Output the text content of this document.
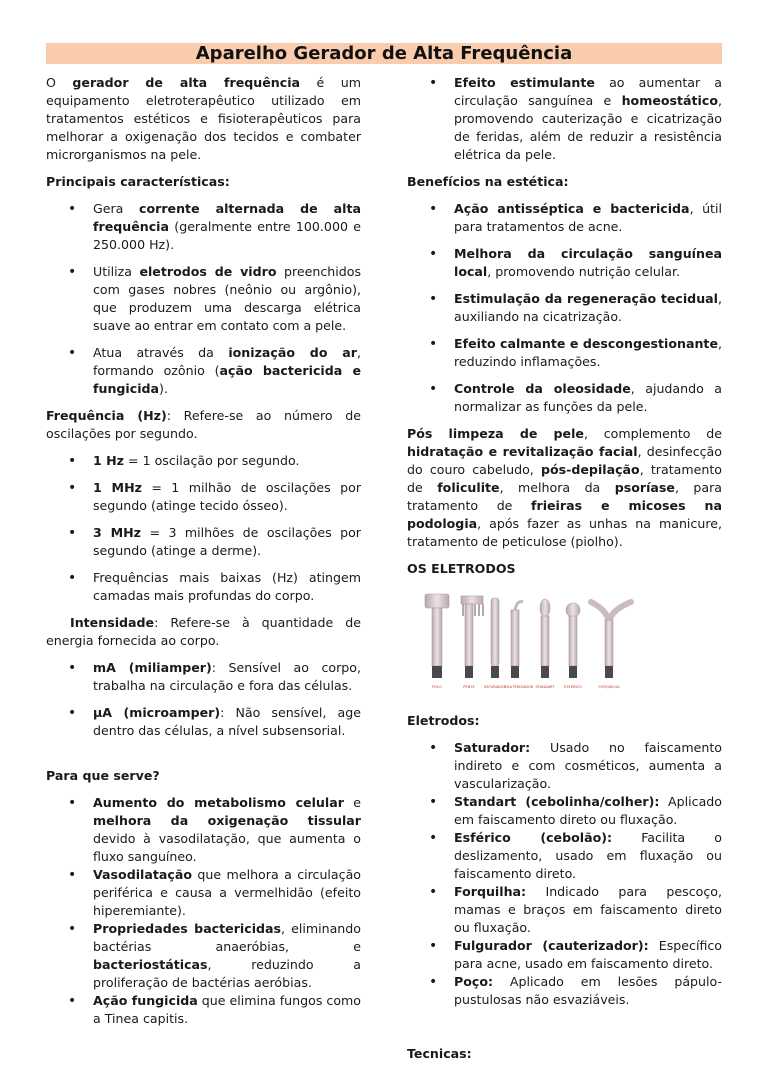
Aparelho Gerador de Alta Frequência

O gerador de alta frequência é um equipamento eletroterapêutico utilizado em tratamentos estéticos e fisioterapêuticos para melhorar a oxigenação dos tecidos e combater microrganismos na pele.

Principais características:
• Gera corrente alternada de alta frequência (geralmente entre 100.000 e 250.000 Hz).
• Utiliza eletrodos de vidro preenchidos com gases nobres (neônio ou argônio), que produzem uma descarga elétrica suave ao entrar em contato com a pele.
• Atua através da ionização do ar, formando ozônio (ação bactericida e fungicida).

Frequência (Hz): Refere-se ao número de oscilações por segundo.

• 1 Hz = 1 oscilação por segundo.
• 1 MHz = 1 milhão de oscilações por segundo (atinge tecido ósseo).
• 3 MHz = 3 milhões de oscilações por segundo (atinge a derme).
• Frequências mais baixas (Hz) atingem camadas mais profundas do corpo.

Intensidade: Refere-se à quantidade de energia fornecida ao corpo.

• mA (miliamper): Sensível ao corpo, trabalha na circulação e fora das células.
• µA (microamper): Não sensível, age dentro das células, a nível subsensorial.
Para que serve?
• Aumento do metabolismo celular e melhora da oxigenação tissular devido à vasodilatação, que aumenta o fluxo sanguíneo.
• Vasodilatação que melhora a circulação periférica e causa a vermelhidão (efeito hiperemiante).
• Propriedades bactericidas, eliminando bactérias anaeróbias, e bacteriostáticas, reduzindo a proliferação de bactérias aeróbias.
• Ação fungicida que elimina fungos como a Tinea capitis.
• Efeito estimulante ao aumentar a circulação sanguínea e homeostático, promovendo cauterização e cicatrização de feridas, além de reduzir a resistência elétrica da pele.
Benefícios na estética:
• Ação antisséptica e bactericida, útil para tratamentos de acne.
• Melhora da circulação sanguínea local, promovendo nutrição celular.
• Estimulação da regeneração tecidual, auxiliando na cicatrização.
• Efeito calmante e descongestionante, reduzindo inflamações.
• Controle da oleosidade, ajudando a normalizar as funções da pele.

Pós limpeza de pele, complemento de hidratação e revitalização facial, desinfecção do couro cabeludo, pós-depilação, tratamento de foliculite, melhora da psoríase, para tratamento de frieiras e micoses na podologia, após fazer as unhas na manicure, tratamento de peticulose (piolho).

OS ELETRODOS
POLO	PENTE	SATURADOR
CAUTERIZADOR STANDART	ESFERICO	FORQUILHA
Eletrodos:
• Saturador: Usado no faiscamento indireto e com cosméticos, aumenta a vascularização.
• Standart (cebolinha/colher): Aplicado em faiscamento direto ou fluxação.
• Esférico (cebolão): Facilita o deslizamento, usado em fluxação ou faiscamento direto.
• Forquilha: Indicado para pescoço, mamas e braços em faiscamento direto ou fluxação.
• Fulgurador (cauterizador): Específico para acne, usado em faiscamento direto.
• Poço: Aplicado em lesões pápulo-pustulosas não esvaziáveis.
Tecnicas:
